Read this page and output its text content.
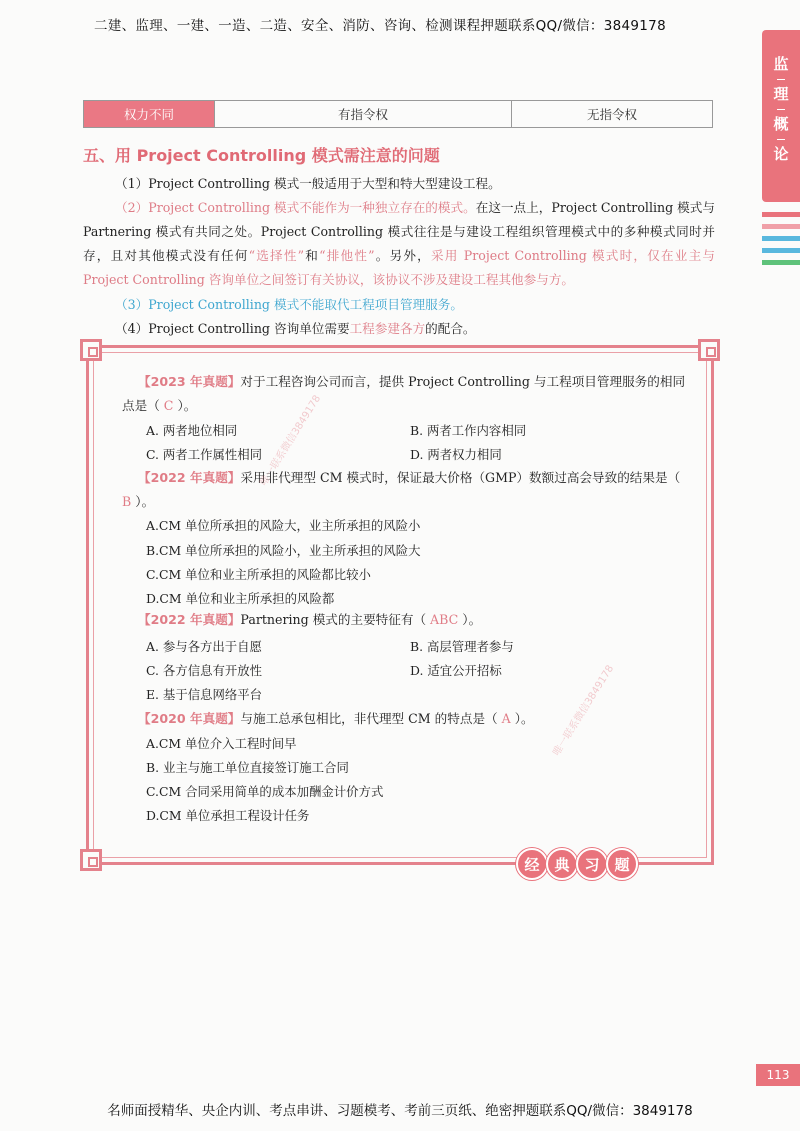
二建、监理、一建、一造、二造、安全、消防、咨询、检测课程押题联系QQ/微信：3849178
监
理
概
论
权力不同	有指令权	无指令权
五、用 Project Controlling 模式需注意的问题
（1）Project Controlling 模式一般适用于大型和特大型建设工程。
（2）Project Controlling 模式不能作为一种独立存在的模式。在这一点上，Project Controlling 模式与 Partnering 模式有共同之处。Project Controlling 模式往往是与建设工程组织管理模式中的多种模式同时并存，且对其他模式没有任何“选择性”和“排他性”。另外，采用 Project Controlling 模式时，仅在业主与 Project Controlling 咨询单位之间签订有关协议，该协议不涉及建设工程其他参与方。
（3）Project Controlling 模式不能取代工程项目管理服务。
（4）Project Controlling 咨询单位需要工程参建各方的配合。
【2023 年真题】对于工程咨询公司而言，提供 Project Controlling 与工程项目管理服务的相同点是（ C ）。
A. 两者地位相同	B. 两者工作内容相同
C. 两者工作属性相同	D. 两者权力相同
【2022 年真题】采用非代理型 CM 模式时，保证最大价格（GMP）数额过高会导致的结果是（ B ）。
A.CM 单位所承担的风险大，业主所承担的风险小
B.CM 单位所承担的风险小，业主所承担的风险大
C.CM 单位和业主所承担的风险都比较小
D.CM 单位和业主所承担的风险都
【2022 年真题】Partnering 模式的主要特征有（ ABC ）。
A. 参与各方出于自愿	B. 高层管理者参与
C. 各方信息有开放性	D. 适宜公开招标
E. 基于信息网络平台
【2020 年真题】与施工总承包相比，非代理型 CM 的特点是（ A ）。
A.CM 单位介入工程时间早
B. 业主与施工单位直接签订施工合同
C.CM 合同采用简单的成本加酬金计价方式
D.CM 单位承担工程设计任务
唯一联系微信3849178
唯一联系微信3849178
经 典 习 题
113
名师面授精华、央企内训、考点串讲、习题模考、考前三页纸、绝密押题联系QQ/微信：3849178
